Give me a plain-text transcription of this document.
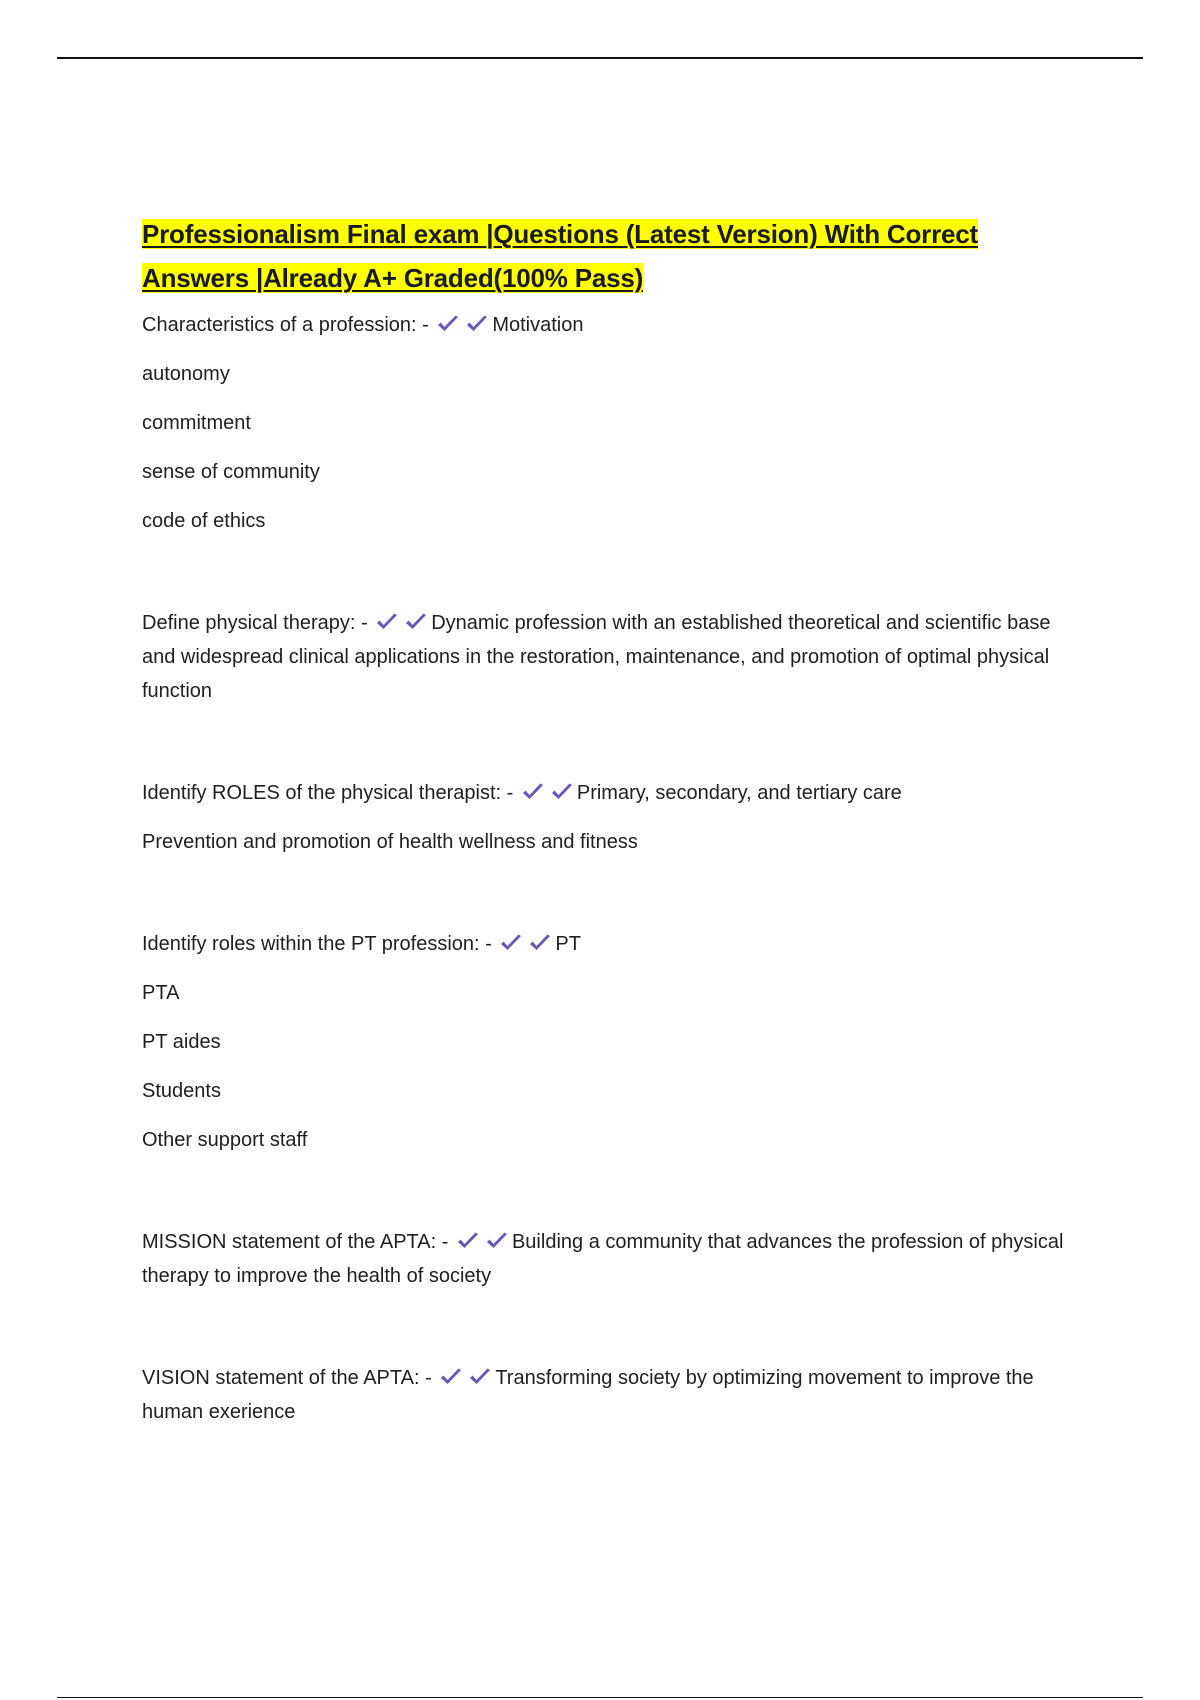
Professionalism Final exam |Questions (Latest Version) With Correct Answers |Already A+ Graded(100% Pass)

Characteristics of a profession: -	Motivation

autonomy

commitment

sense of community

code of ethics

Define physical therapy: -	Dynamic profession with an established theoretical and scientific base and widespread clinical applications in the restoration, maintenance, and promotion of optimal physical function

Identify ROLES of the physical therapist: -	Primary, secondary, and tertiary care

Prevention and promotion of health wellness and fitness

Identify roles within the PT profession: -	PT

PTA

PT aides

Students

Other support staff

MISSION statement of the APTA: -	Building a community that advances the profession of physical therapy to improve the health of society

VISION statement of the APTA: -	Transforming society by optimizing movement to improve the human exerience
